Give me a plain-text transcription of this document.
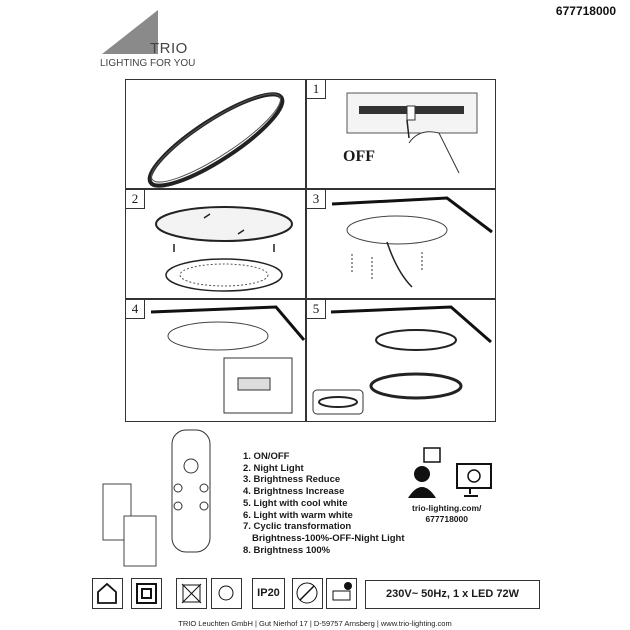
TRIO
LIGHTING FOR YOU
677718000
1
OFF
2	3
4	5
1. ON/OFF
2. Night Light
3. Brightness Reduce
4. Brightness Increase
5. Light with cool white
6. Light with warm white
7. Cyclic transformation
Brightness-100%-OFF-Night Light
8. Brightness 100%
trio-lighting.com/
677718000
IP20	230V~ 50Hz, 1 x LED 72W
TRIO Leuchten GmbH | Gut Nierhof 17 | D-59757 Arnsberg | www.trio-lighting.com
